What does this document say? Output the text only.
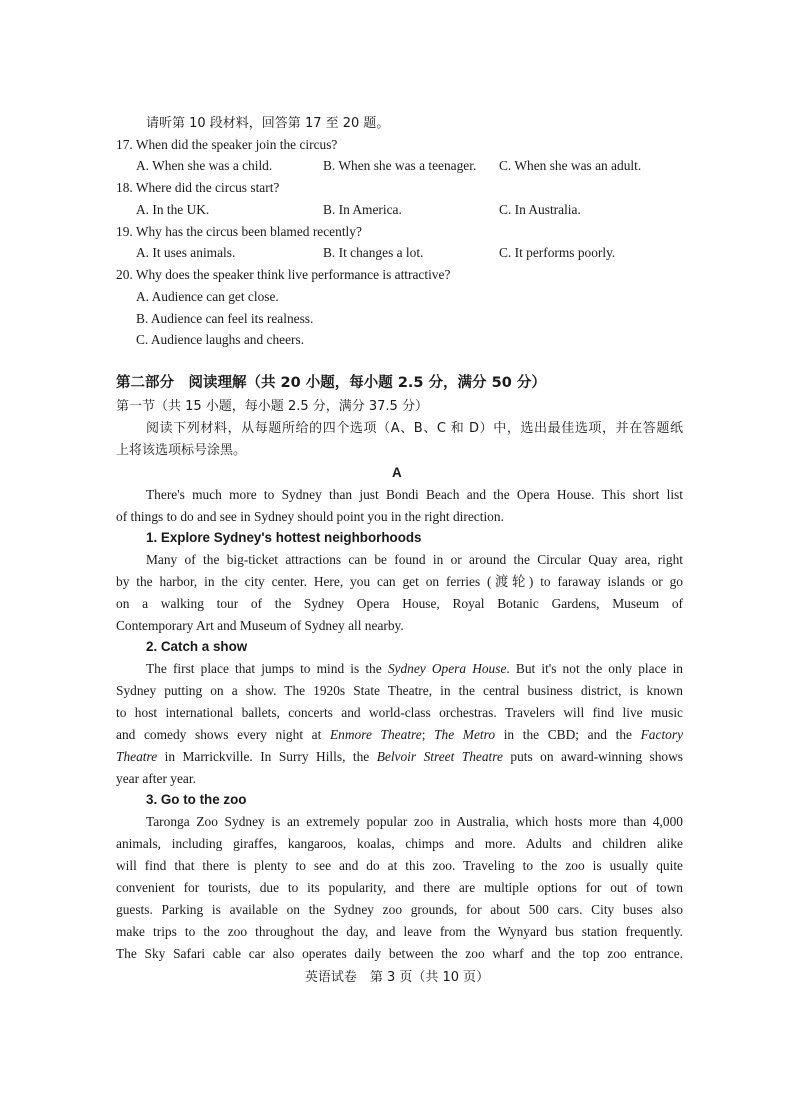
请听第 10 段材料，回答第 17 至 20 题。
17. When did the speaker join the circus?
A. When she was a child.	B. When she was a teenager. C. When she was an adult.
18. Where did the circus start?
A. In the UK.	B. In America.	C. In Australia.
19. Why has the circus been blamed recently?
A. It uses animals.	B. It changes a lot.	C. It performs poorly.
20. Why does the speaker think live performance is attractive?
A. Audience can get close.
B. Audience can feel its realness.
C. Audience laughs and cheers.
第二部分　阅读理解（共 20 小题，每小题 2.5 分，满分 50 分）
第一节（共 15 小题，每小题 2.5 分，满分 37.5 分）
阅读下列材料，从每题所给的四个选项（A、B、C 和 D）中，选出最佳选项，并在答题纸
上将该选项标号涂黑。
A
There's much more to Sydney than just Bondi Beach and the Opera House. This short list
of things to do and see in Sydney should point you in the right direction.
1. Explore Sydney's hottest neighborhoods
Many of the big-ticket attractions can be found in or around the Circular Quay area, right
by the harbor, in the city center. Here, you can get on ferries (渡轮) to faraway islands or go
on a walking tour of the Sydney Opera House, Royal Botanic Gardens, Museum of
Contemporary Art and Museum of Sydney all nearby.
2. Catch a show
The first place that jumps to mind is the Sydney Opera House. But it's not the only place in
Sydney putting on a show. The 1920s State Theatre, in the central business district, is known
to host international ballets, concerts and world-class orchestras. Travelers will find live music
and comedy shows every night at Enmore Theatre; The Metro in the CBD; and the Factory
Theatre in Marrickville. In Surry Hills, the Belvoir Street Theatre puts on award-winning shows
year after year.
3. Go to the zoo
Taronga Zoo Sydney is an extremely popular zoo in Australia, which hosts more than 4,000
animals, including giraffes, kangaroos, koalas, chimps and more. Adults and children alike
will find that there is plenty to see and do at this zoo. Traveling to the zoo is usually quite
convenient for tourists, due to its popularity, and there are multiple options for out of town
guests. Parking is available on the Sydney zoo grounds, for about 500 cars. City buses also
make trips to the zoo throughout the day, and leave from the Wynyard bus station frequently.
The Sky Safari cable car also operates daily between the zoo wharf and the top zoo entrance.
英语试卷　第 3 页（共 10 页）
